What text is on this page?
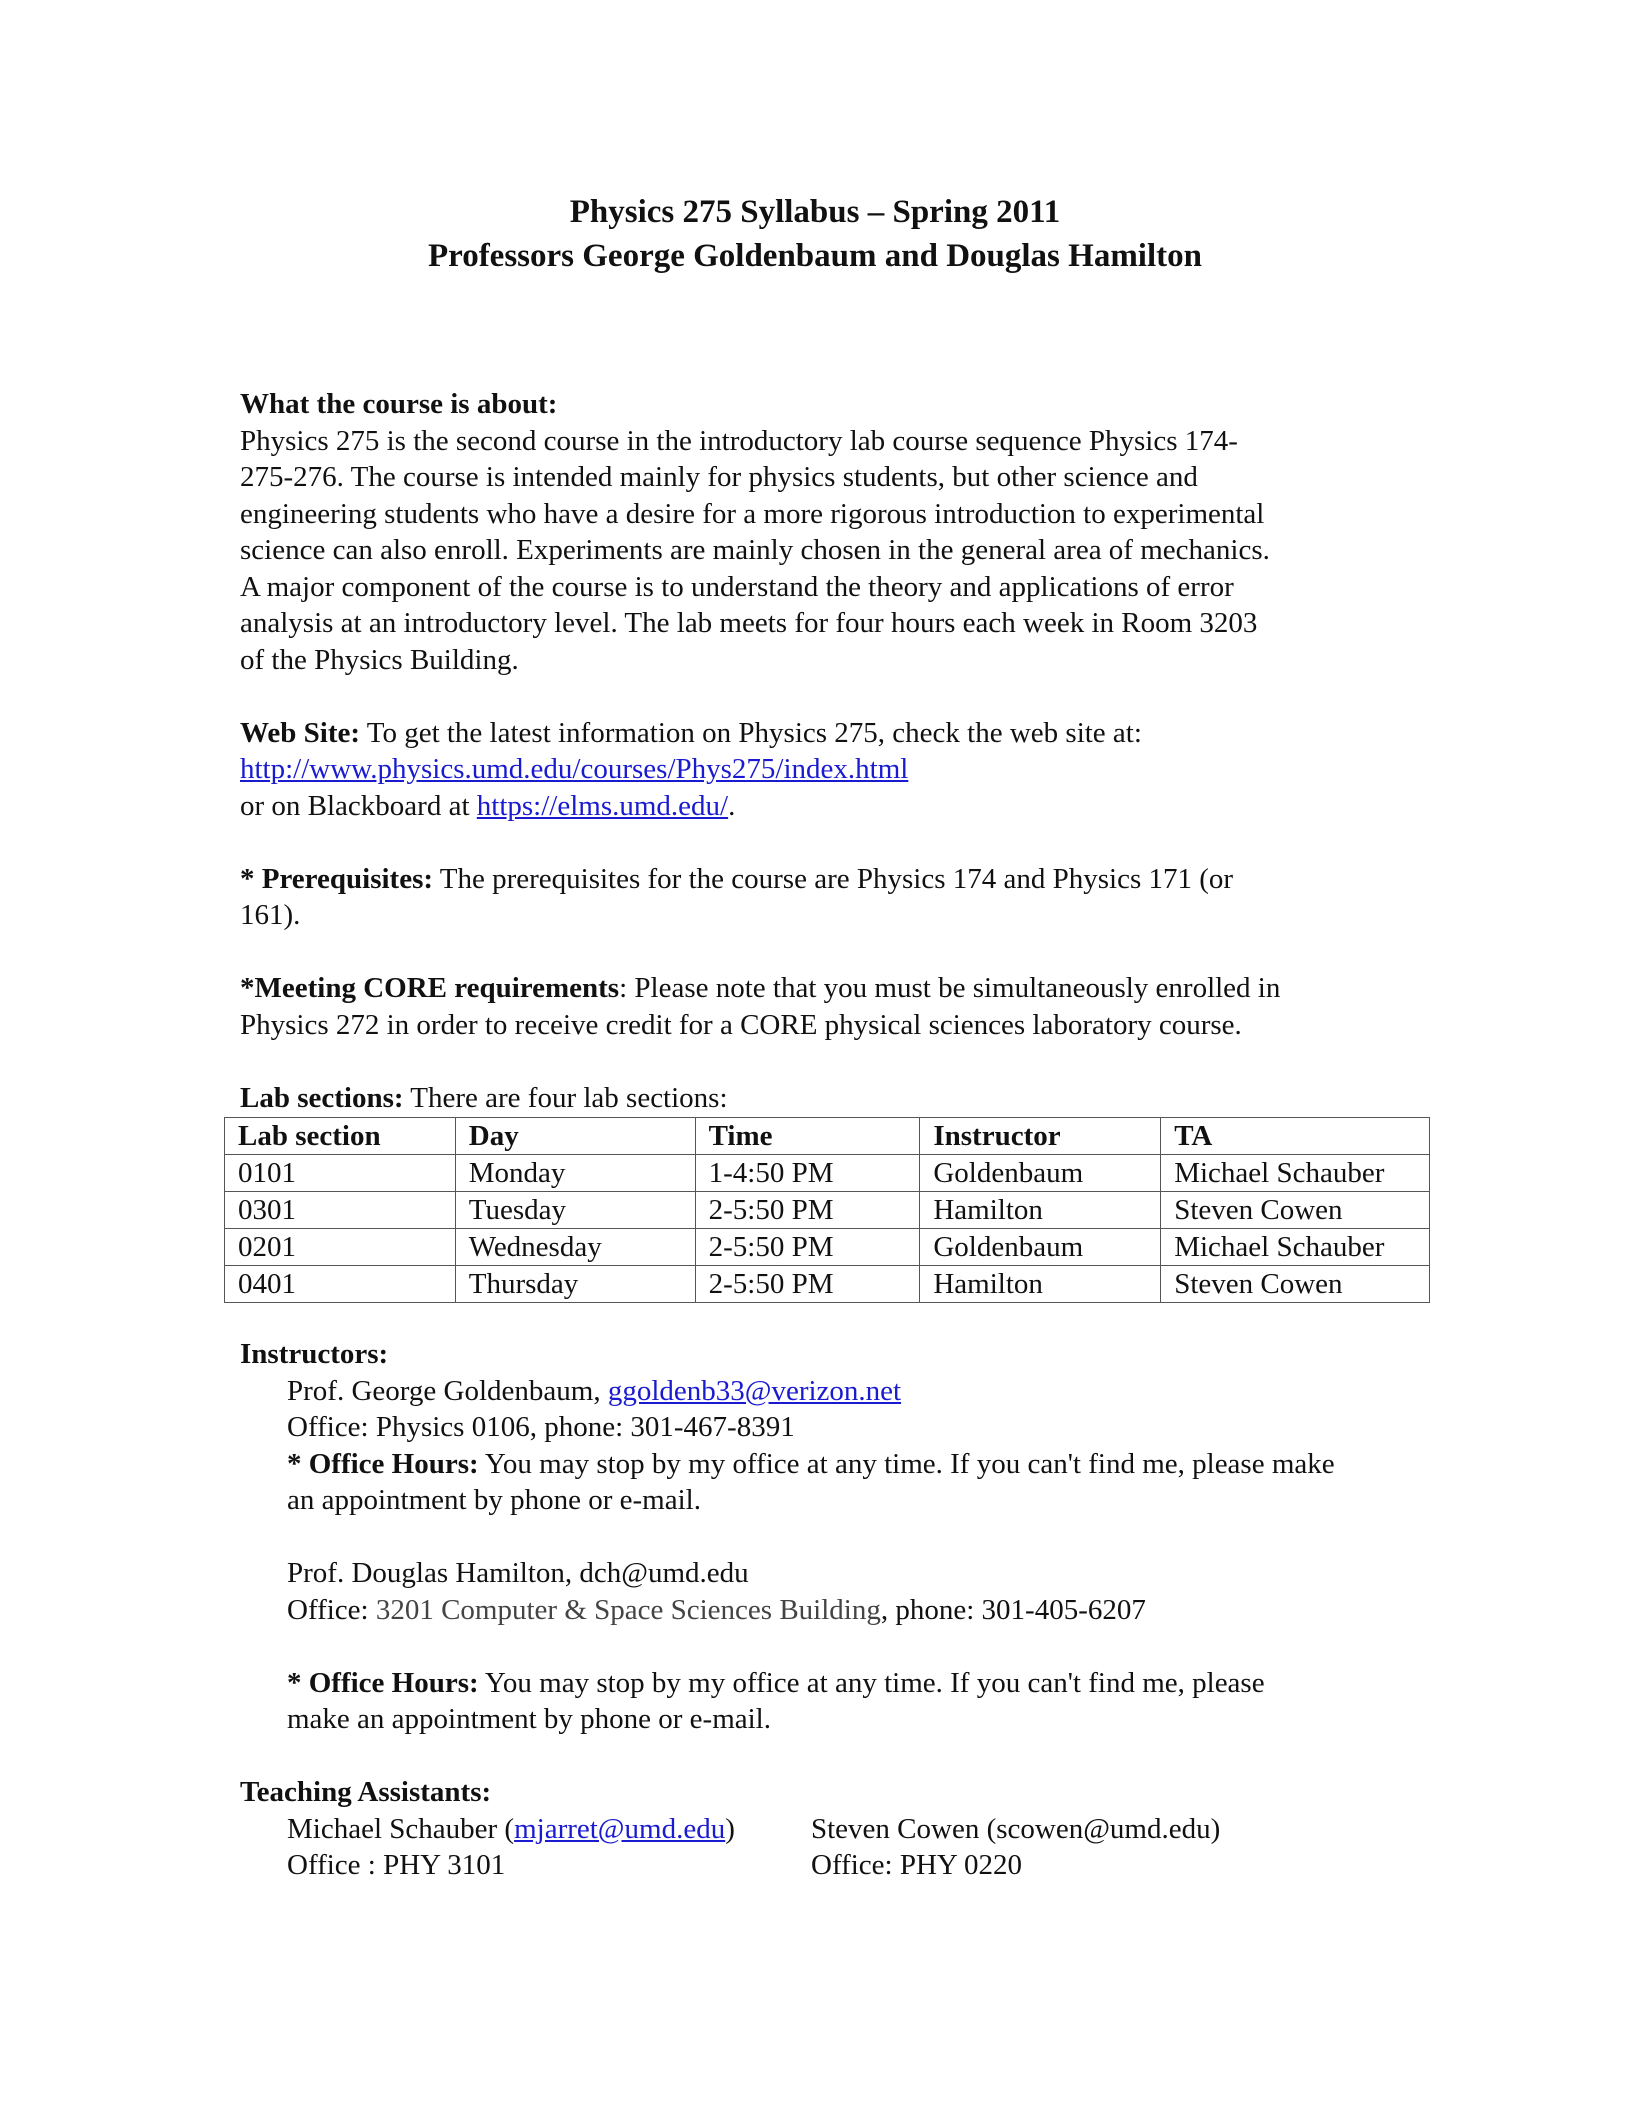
Physics 275 Syllabus – Spring 2011
Professors George Goldenbaum and Douglas Hamilton

What the course is about:

Physics 275 is the second course in the introductory lab course sequence Physics 174-

275-276. The course is intended mainly for physics students, but other science and

engineering students who have a desire for a more rigorous introduction to experimental

science can also enroll. Experiments are mainly chosen in the general area of mechanics.

A major component of the course is to understand the theory and applications of error

analysis at an introductory level. The lab meets for four hours each week in Room 3203

of the Physics Building.

Web Site: To get the latest information on Physics 275, check the web site at:

http://www.physics.umd.edu/courses/Phys275/index.html

or on Blackboard at https://elms.umd.edu/.

* Prerequisites: The prerequisites for the course are Physics 174 and Physics 171 (or

161).

*Meeting CORE requirements: Please note that you must be simultaneously enrolled in

Physics 272 in order to receive credit for a CORE physical sciences laboratory course.

Lab sections: There are four lab sections:

Lab section	Day	Time	Instructor	TA
0101	Monday	1-4:50 PM	Goldenbaum	Michael Schauber
0301	Tuesday	2-5:50 PM	Hamilton	Steven Cowen
0201	Wednesday	2-5:50 PM	Goldenbaum	Michael Schauber
0401	Thursday	2-5:50 PM	Hamilton	Steven Cowen

Instructors:

Prof. George Goldenbaum, ggoldenb33@verizon.net

Office: Physics 0106, phone: 301-467-8391

* Office Hours: You may stop by my office at any time. If you can't find me, please make

an appointment by phone or e-mail.

Prof. Douglas Hamilton, dch@umd.edu

Office: 3201 Computer & Space Sciences Building, phone: 301-405-6207

* Office Hours: You may stop by my office at any time. If you can't find me, please

make an appointment by phone or e-mail.

Teaching Assistants:

Michael Schauber (mjarret@umd.edu)

Office : PHY 3101

Steven Cowen (scowen@umd.edu)

Office: PHY 0220
